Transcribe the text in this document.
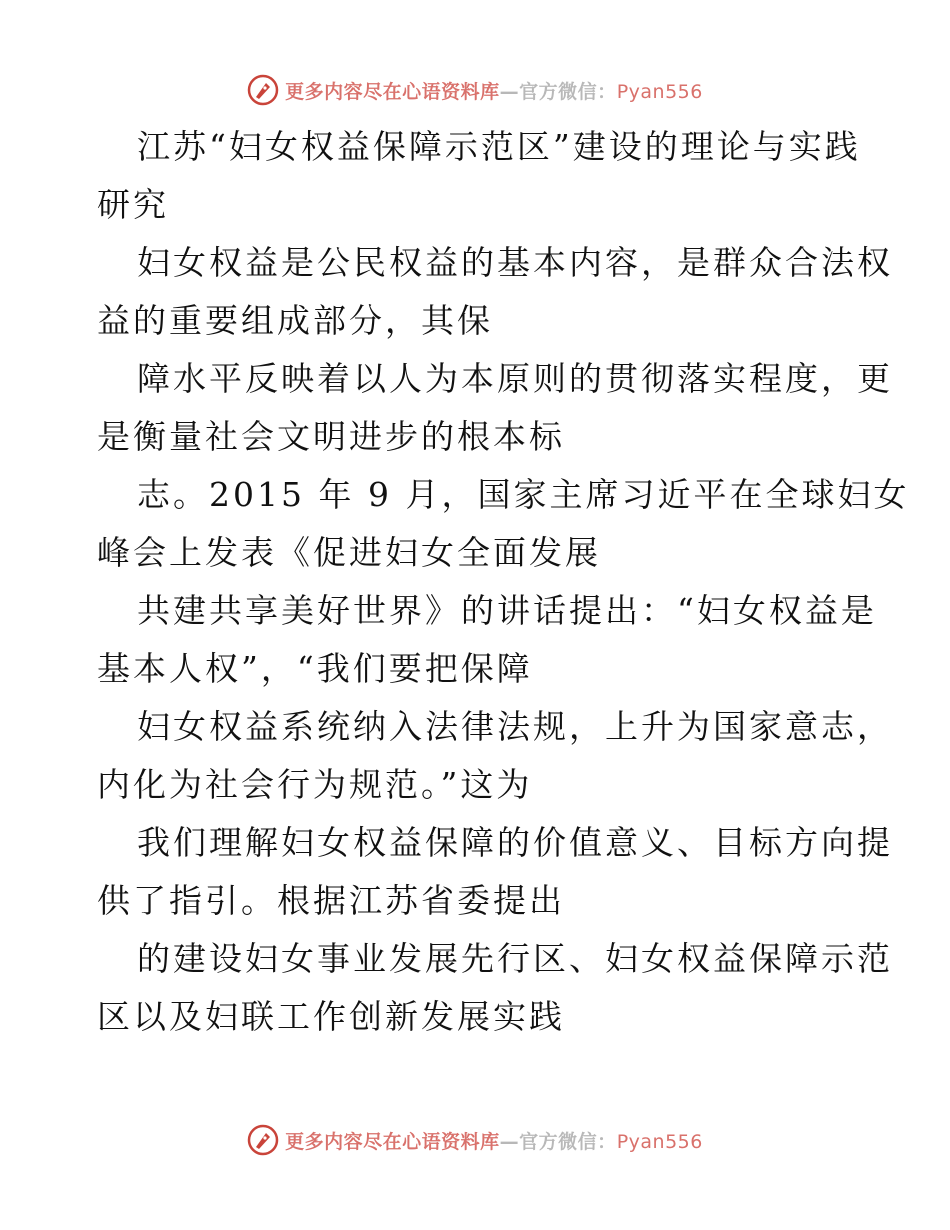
更多内容尽在心语资料库—官方微信：Pyan556
江苏“妇女权益保障示范区”建设的理论与实践
研究
妇女权益是公民权益的基本内容，是群众合法权
益的重要组成部分，其保
障水平反映着以人为本原则的贯彻落实程度，更
是衡量社会文明进步的根本标
志。2015 年 9 月，国家主席习近平在全球妇女
峰会上发表《促进妇女全面发展
共建共享美好世界》的讲话提出：“妇女权益是
基本人权”，“我们要把保障
妇女权益系统纳入法律法规，上升为国家意志，
内化为社会行为规范。”这为
我们理解妇女权益保障的价值意义、目标方向提
供了指引。根据江苏省委提出
的建设妇女事业发展先行区、妇女权益保障示范
区以及妇联工作创新发展实践
更多内容尽在心语资料库—官方微信：Pyan556
